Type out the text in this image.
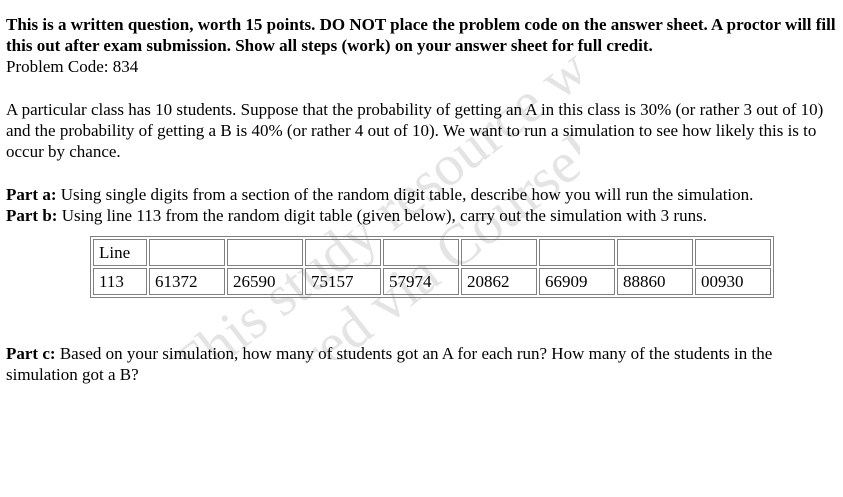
This study resource was
via CourseHero
This is a written question, worth 15 points. DO NOT place the problem code on the answer sheet. A proctor will fill this out after exam submission. Show all steps (work) on your answer sheet for full credit.
Problem Code: 834
A particular class has 10 students. Suppose that the probability of getting an A in this class is 30% (or rather 3 out of 10) and the probability of getting a B is 40% (or rather 4 out of 10). We want to run a simulation to see how likely this is to occur by chance.
Part a: Using single digits from a section of the random digit table, describe how you will run the simulation.
Part b: Using line 113 from the random digit table (given below), carry out the simulation with 3 runs.
Line								
113	61372	26590	75157	57974	20862	66909	88860	00930
Part c: Based on your simulation, how many of students got an A for each run? How many of the students in the simulation got a B?
